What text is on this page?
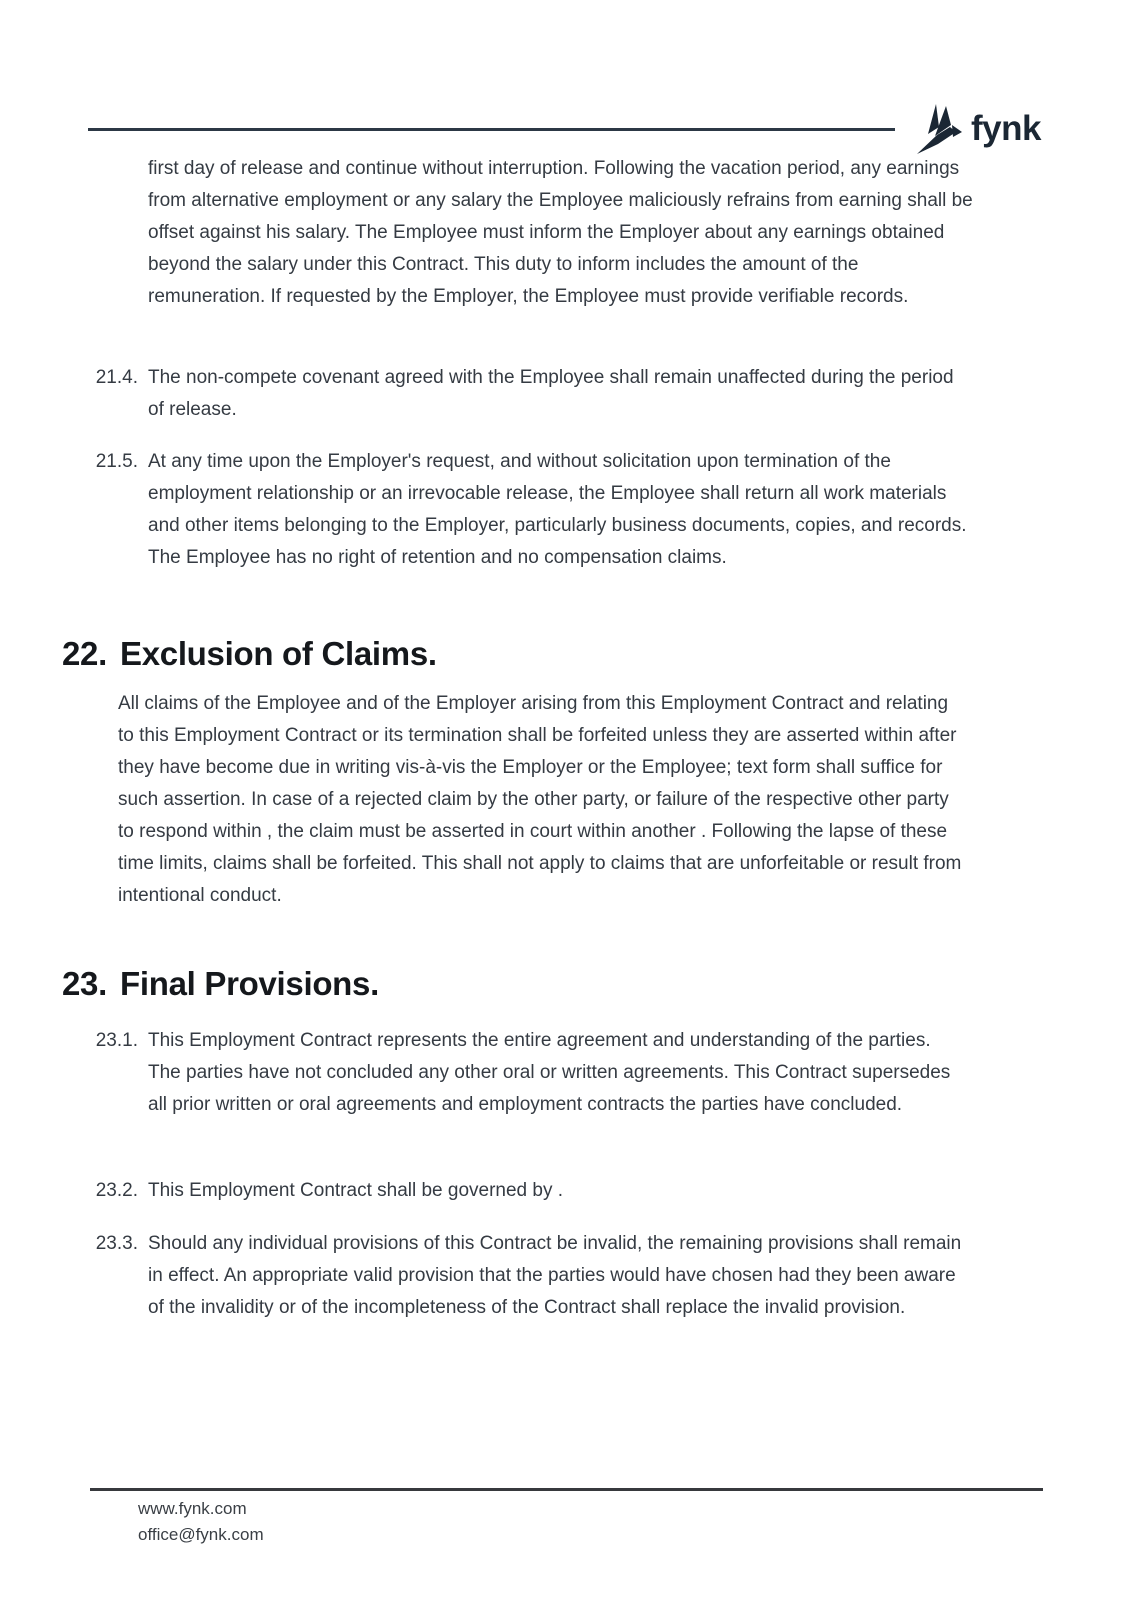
fynk

first day of release and continue without interruption. Following the vacation period, any earnings from alternative employment or any salary the Employee maliciously refrains from earning shall be offset against his salary. The Employee must inform the Employer about any earnings obtained beyond the salary under this Contract. This duty to inform includes the amount of the remuneration. If requested by the Employer, the Employee must provide verifiable records.

21.4. The non-compete covenant agreed with the Employee shall remain unaffected during the period of release.

21.5. At any time upon the Employer's request, and without solicitation upon termination of the employment relationship or an irrevocable release, the Employee shall return all work materials and other items belonging to the Employer, particularly business documents, copies, and records. The Employee has no right of retention and no compensation claims.

22. Exclusion of Claims.

All claims of the Employee and of the Employer arising from this Employment Contract and relating to this Employment Contract or its termination shall be forfeited unless they are asserted within after they have become due in writing vis-à-vis the Employer or the Employee; text form shall suffice for such assertion. In case of a rejected claim by the other party, or failure of the respective other party to respond within , the claim must be asserted in court within another . Following the lapse of these time limits, claims shall be forfeited. This shall not apply to claims that are unforfeitable or result from intentional conduct.

23. Final Provisions.
23.1. This Employment Contract represents the entire agreement and understanding of the parties. The parties have not concluded any other oral or written agreements. This Contract supersedes all prior written or oral agreements and employment contracts the parties have concluded.

23.2. This Employment Contract shall be governed by .

23.3. Should any individual provisions of this Contract be invalid, the remaining provisions shall remain in effect. An appropriate valid provision that the parties would have chosen had they been aware of the invalidity or of the incompleteness of the Contract shall replace the invalid provision.

www.fynk.com
office@fynk.com
